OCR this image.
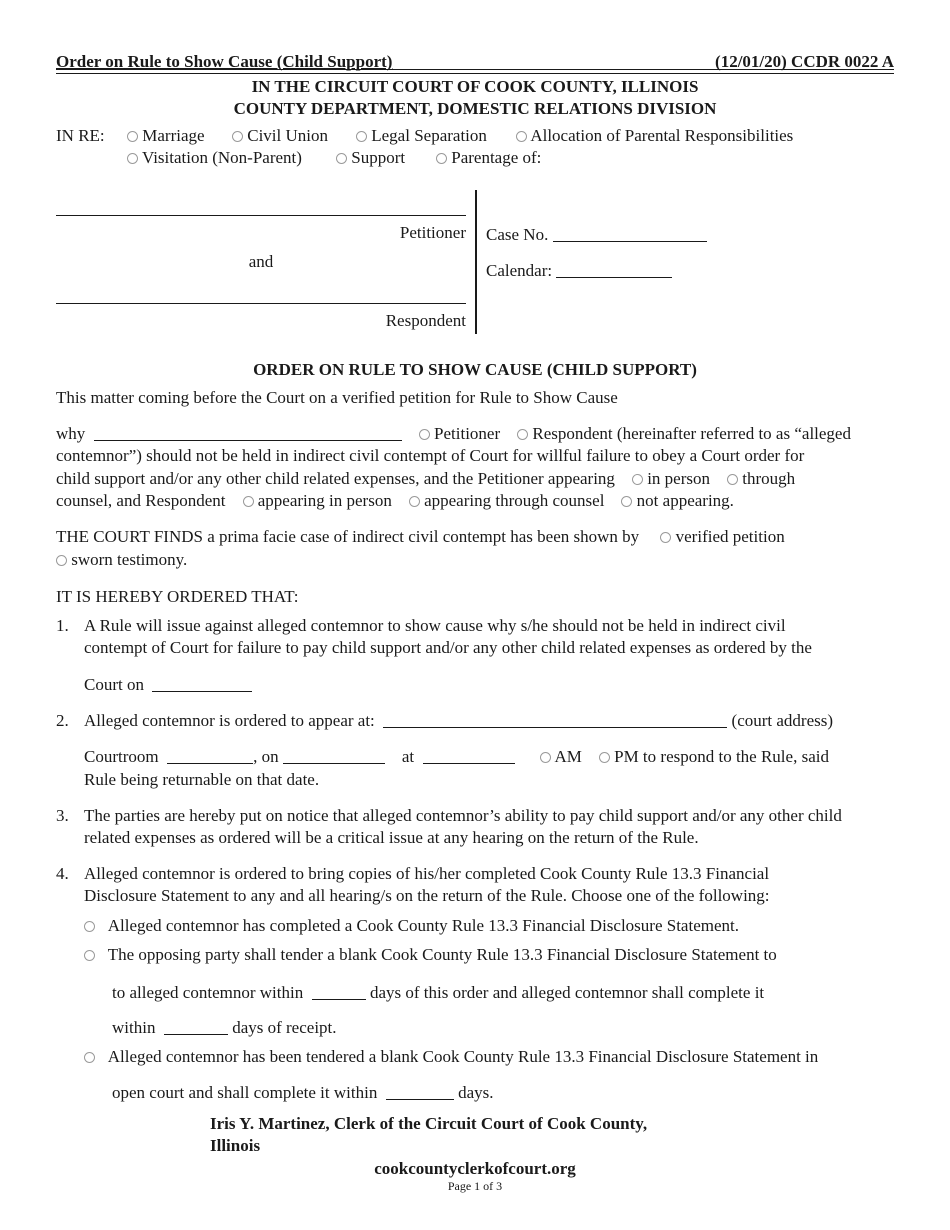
Order on Rule to Show Cause (Child Support)	(12/01/20) CCDR 0022 A
IN THE CIRCUIT COURT OF COOK COUNTY, ILLINOIS
COUNTY DEPARTMENT, DOMESTIC RELATIONS DIVISION
IN RE:	Marriage	Civil Union	Legal Separation	Allocation of Parental Responsibilities
Visitation (Non-Parent)	Support	Parentage of:
Petitioner
and
Respondent
Case No.
Calendar:
ORDER ON RULE TO SHOW CAUSE (CHILD SUPPORT)
This matter coming before the Court on a verified petition for Rule to Show Cause
why	Petitioner Respondent (hereinafter referred to as “alleged
contemnor”) should not be held in indirect civil contempt of Court for willful failure to obey a Court order for
child support and/or any other child related expenses, and the Petitioner appearing in person through
counsel, and Respondent appearing in person appearing through counsel not appearing.
THE COURT FINDS a prima facie case of indirect civil contempt has been shown by verified petition
sworn testimony.
IT IS HEREBY ORDERED THAT:
1. A Rule will issue against alleged contemnor to show cause why s/he should not be held in indirect civil
contempt of Court for failure to pay child support and/or any other child related expenses as ordered by the
Court on
2. Alleged contemnor is ordered to appear at:	(court address)
Courtroom	, on	at	AM PM to respond to the Rule, said
Rule being returnable on that date.
3. The parties are hereby put on notice that alleged contemnor’s ability to pay child support and/or any other child
related expenses as ordered will be a critical issue at any hearing on the return of the Rule.
4. Alleged contemnor is ordered to bring copies of his/her completed Cook County Rule 13.3 Financial
Disclosure Statement to any and all hearing/s on the return of the Rule. Choose one of the following:
Alleged contemnor has completed a Cook County Rule 13.3 Financial Disclosure Statement.
The opposing party shall tender a blank Cook County Rule 13.3 Financial Disclosure Statement to
to alleged contemnor within	days of this order and alleged contemnor shall complete it
within	days of receipt.
Alleged contemnor has been tendered a blank Cook County Rule 13.3 Financial Disclosure Statement in
open court and shall complete it within	days.
Iris Y. Martinez, Clerk of the Circuit Court of Cook County,
Illinois
cookcountyclerkofcourt.org
Page 1 of 3
